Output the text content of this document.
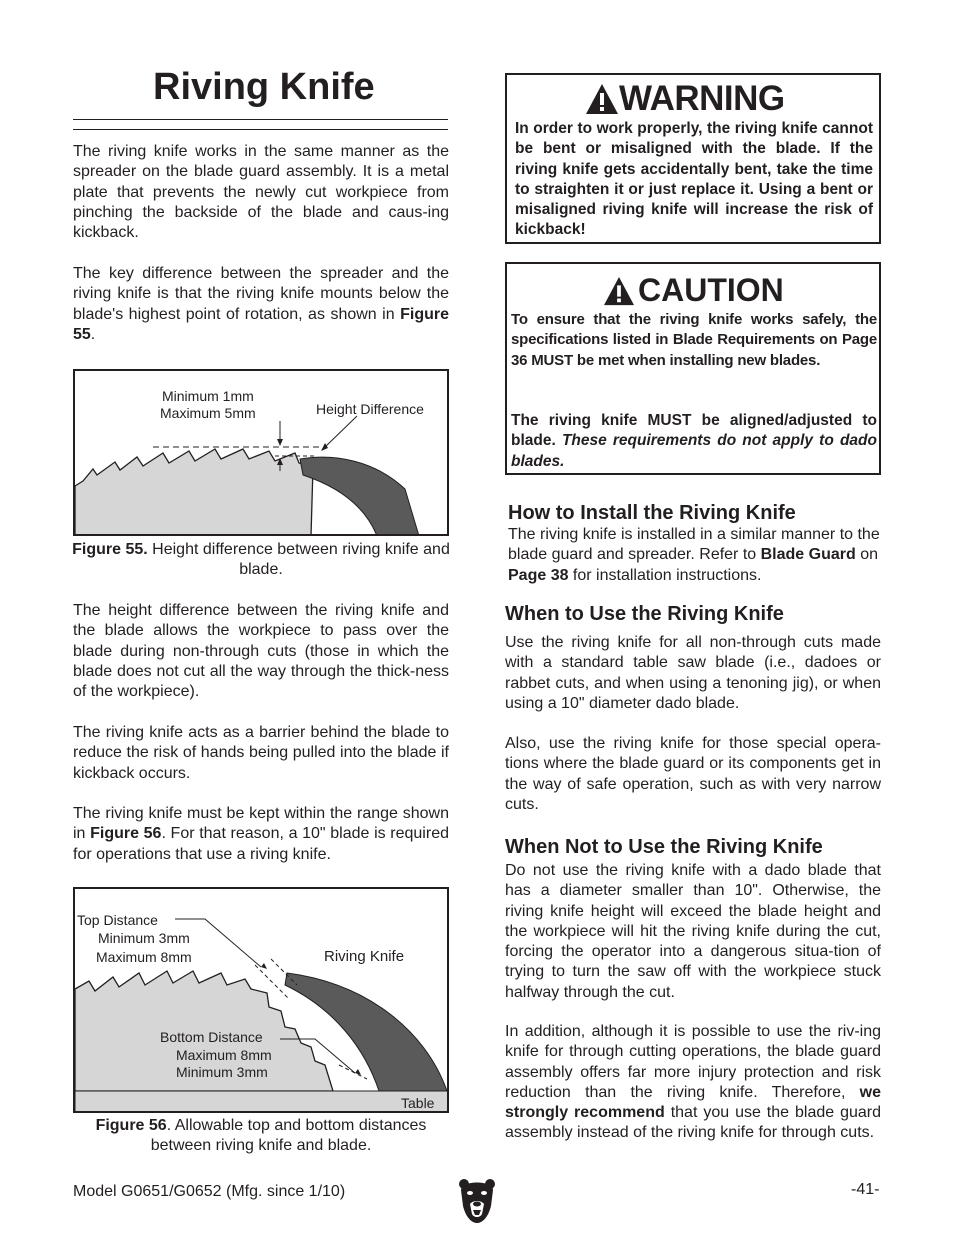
Riving Knife

The riving knife works in the same manner as the spreader on the blade guard assembly. It is a metal plate that prevents the newly cut workpiece from pinching the backside of the blade and caus-ing kickback.

The key difference between the spreader and the riving knife is that the riving knife mounts below the blade's highest point of rotation, as shown in Figure 55.

Minimum 1mm
Maximum 5mm	Height Difference
Figure 55. Height difference between riving knife and blade.

The height difference between the riving knife and the blade allows the workpiece to pass over the blade during non-through cuts (those in which the blade does not cut all the way through the thick-ness of the workpiece).

The riving knife acts as a barrier behind the blade to reduce the risk of hands being pulled into the blade if kickback occurs.

The riving knife must be kept within the range shown in Figure 56. For that reason, a 10" blade is required for operations that use a riving knife.

Top Distance
Minimum 3mm
Maximum 8mm	Riving Knife
Bottom Distance
Maximum 8mm
Minimum 3mm
Table
Figure 56. Allowable top and bottom distances between riving knife and blade.
WARNING
In order to work properly, the riving knife cannot be bent or misaligned with the blade. If the riving knife gets accidentally bent, take the time to straighten it or just replace it. Using a bent or misaligned riving knife will increase the risk of kickback!
CAUTION
To ensure that the riving knife works safely, the specifications listed in Blade Requirements on Page 36 MUST be met when installing new blades.
The riving knife MUST be aligned/adjusted to blade. These requirements do not apply to dado blades.
How to Install the Riving Knife

The riving knife is installed in a similar manner to the blade guard and spreader. Refer to Blade Guard on Page 38 for installation instructions.

When to Use the Riving Knife

Use the riving knife for all non-through cuts made with a standard table saw blade (i.e., dadoes or rabbet cuts, and when using a tenoning jig), or when using a 10" diameter dado blade.

Also, use the riving knife for those special opera-tions where the blade guard or its components get in the way of safe operation, such as with very narrow cuts.

When Not to Use the Riving Knife

Do not use the riving knife with a dado blade that has a diameter smaller than 10". Otherwise, the riving knife height will exceed the blade height and the workpiece will hit the riving knife during the cut, forcing the operator into a dangerous situa-tion of trying to turn the saw off with the workpiece stuck halfway through the cut.

In addition, although it is possible to use the riv-ing knife for through cutting operations, the blade guard assembly offers far more injury protection and risk reduction than the riving knife. Therefore, we strongly recommend that you use the blade guard assembly instead of the riving knife for through cuts.

Model G0651/G0652 (Mfg. since 1/10)	-41-
